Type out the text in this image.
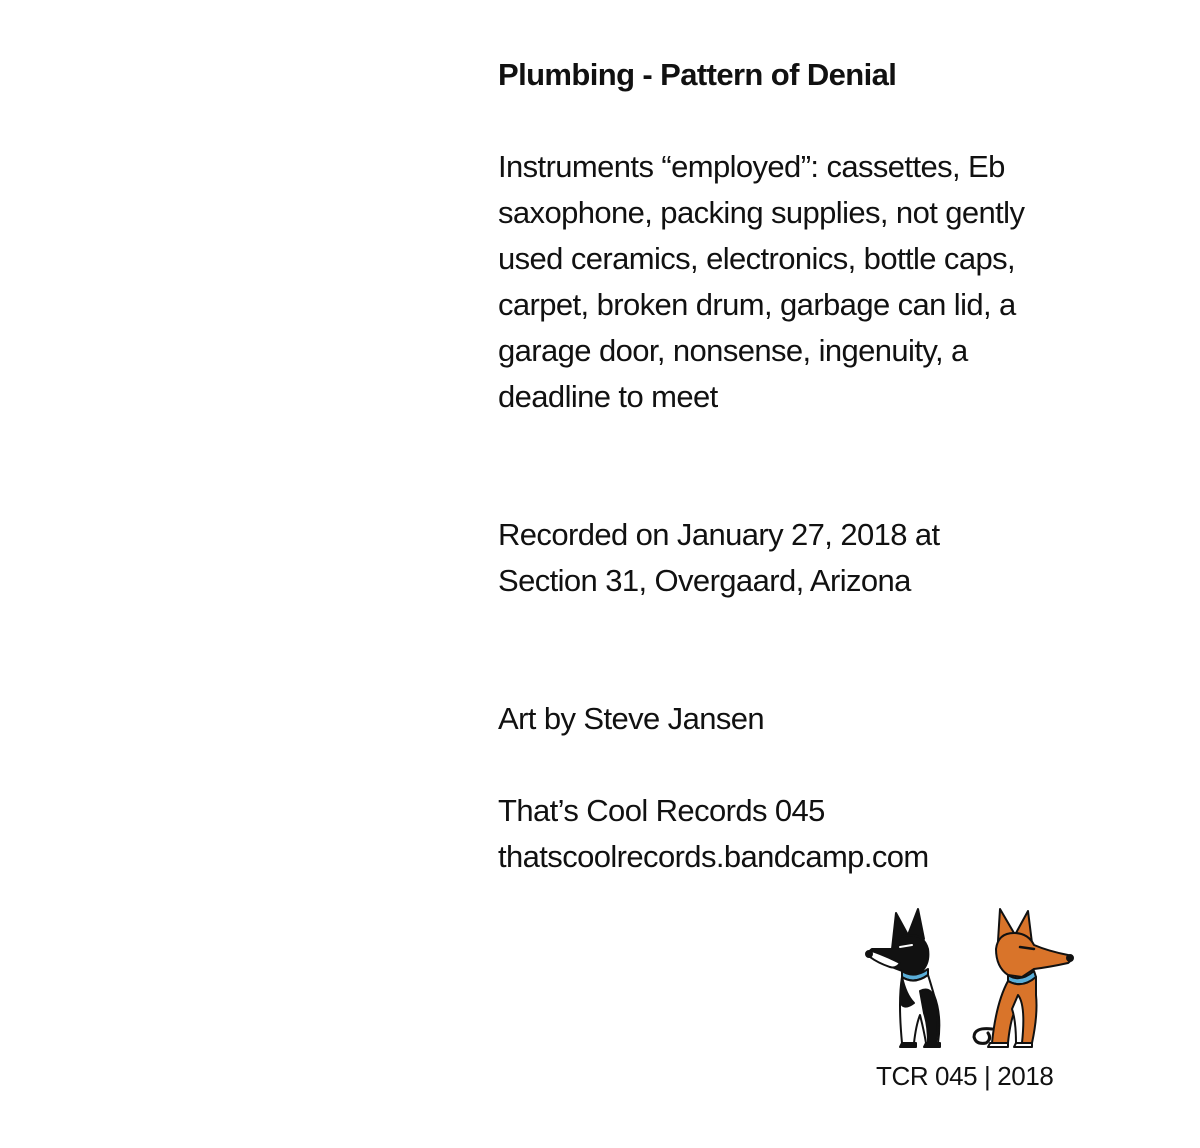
Plumbing - Pattern of Denial
Instruments “employed”: cassettes, Eb
saxophone, packing supplies, not gently
used ceramics, electronics, bottle caps,
carpet, broken drum, garbage can lid, a
garage door, nonsense, ingenuity, a
deadline to meet
Recorded on January 27, 2018 at
Section 31, Overgaard, Arizona
Art by Steve Jansen
That’s Cool Records 045
thatscoolrecords.bandcamp.com
TCR 045 | 2018
